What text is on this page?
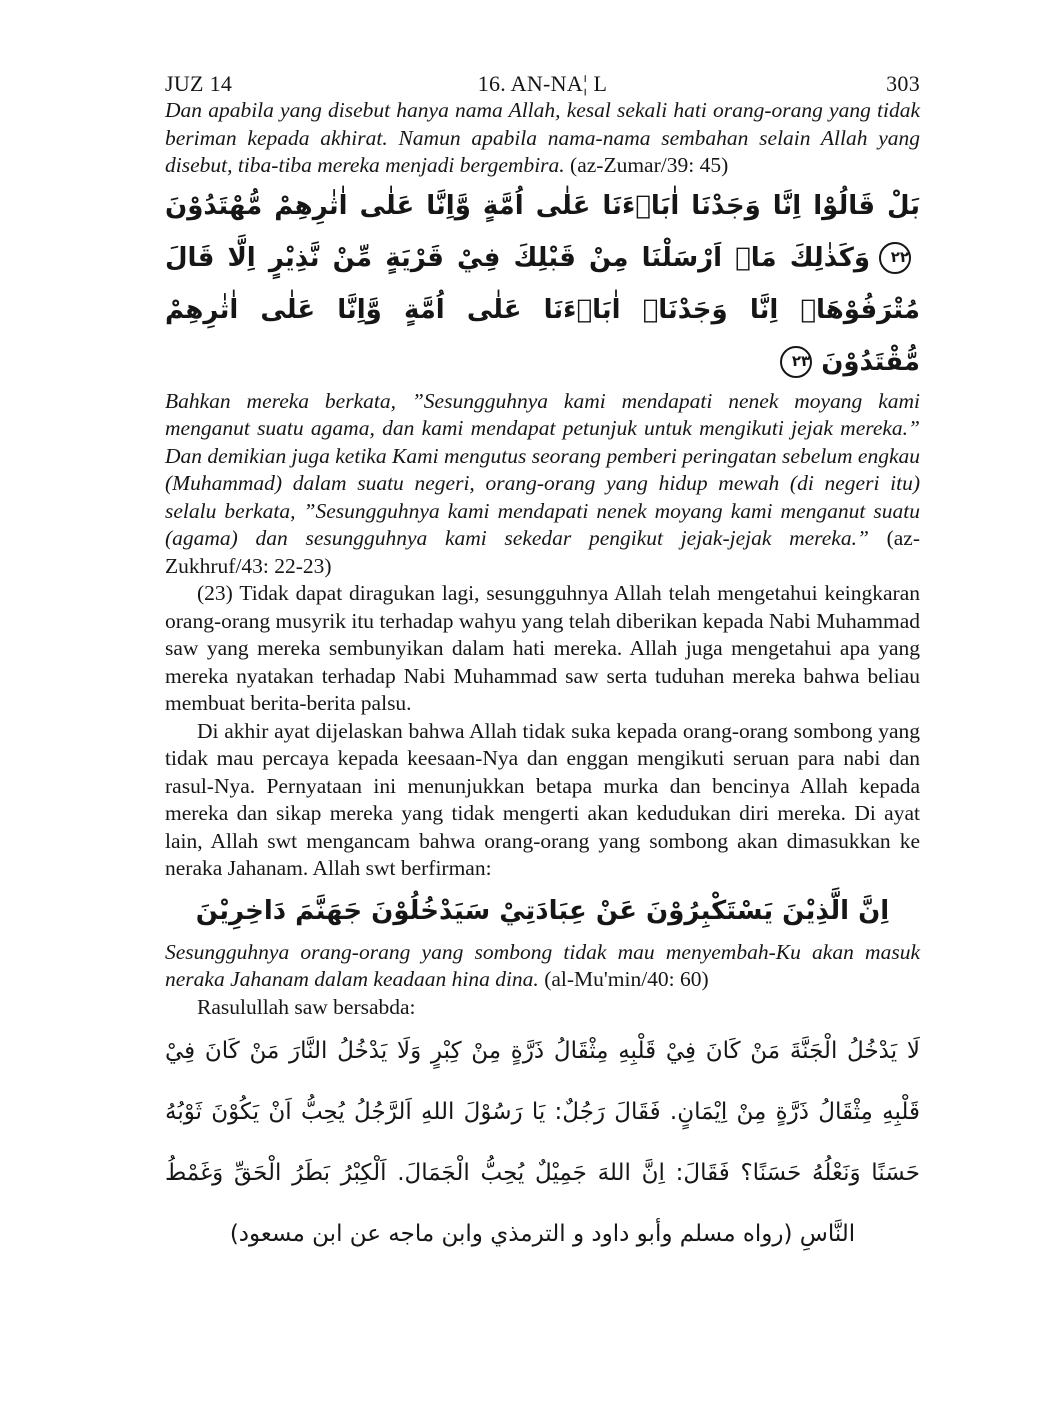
JUZ 14	16. AN-NA¦ L	303

Dan apabila yang disebut hanya nama Allah, kesal sekali hati orang-orang yang tidak beriman kepada akhirat. Namun apabila nama-nama sembahan selain Allah yang disebut, tiba-tiba mereka menjadi bergembira. (az-Zumar/39: 45)

بَلْ قَالُوْا اِنَّا وَجَدْنَا اٰبَاۤءَنَا عَلٰى اُمَّةٍ وَّاِنَّا عَلٰى اٰثٰرِهِمْ مُّهْتَدُوْنَ٢٢وَكَذٰلِكَ مَاۤ اَرْسَلْنَا مِنْ قَبْلِكَ فِيْ قَرْيَةٍ مِّنْ نَّذِيْرٍ اِلَّا قَالَ مُتْرَفُوْهَاۤ اِنَّا وَجَدْنَاۤ اٰبَاۤءَنَا عَلٰى اُمَّةٍ وَّاِنَّا عَلٰى اٰثٰرِهِمْ مُّقْتَدُوْنَ٢٣

Bahkan mereka berkata, ”Sesungguhnya kami mendapati nenek moyang kami menganut suatu agama, dan kami mendapat petunjuk untuk mengikuti jejak mereka.” Dan demikian juga ketika Kami mengutus seorang pemberi peringatan sebelum engkau (Muhammad) dalam suatu negeri, orang-orang yang hidup mewah (di negeri itu) selalu berkata, ”Sesungguhnya kami mendapati nenek moyang kami menganut suatu (agama) dan sesungguhnya kami sekedar pengikut jejak-jejak mereka.” (az-Zukhruf/43: 22-23)

(23) Tidak dapat diragukan lagi, sesungguhnya Allah telah mengetahui keingkaran orang-orang musyrik itu terhadap wahyu yang telah diberikan kepada Nabi Muhammad saw yang mereka sembunyikan dalam hati mereka. Allah juga mengetahui apa yang mereka nyatakan terhadap Nabi Muhammad saw serta tuduhan mereka bahwa beliau membuat berita-berita palsu.

Di akhir ayat dijelaskan bahwa Allah tidak suka kepada orang-orang sombong yang tidak mau percaya kepada keesaan-Nya dan enggan mengikuti seruan para nabi dan rasul-Nya. Pernyataan ini menunjukkan betapa murka dan bencinya Allah kepada mereka dan sikap mereka yang tidak mengerti akan kedudukan diri mereka. Di ayat lain, Allah swt mengancam bahwa orang-orang yang sombong akan dimasukkan ke neraka Jahanam. Allah swt berfirman:

اِنَّ الَّذِيْنَ يَسْتَكْبِرُوْنَ عَنْ عِبَادَتِيْ سَيَدْخُلُوْنَ جَهَنَّمَ دَاخِرِيْنَ

Sesungguhnya orang-orang yang sombong tidak mau menyembah-Ku akan masuk neraka Jahanam dalam keadaan hina dina. (al-Mu'min/40: 60)

Rasulullah saw bersabda:

لَا يَدْخُلُ الْجَنَّةَ مَنْ كَانَ فِيْ قَلْبِهِ مِثْقَالُ ذَرَّةٍ مِنْ كِبْرٍ وَلَا يَدْخُلُ النَّارَ مَنْ كَانَ فِيْ قَلْبِهِ مِثْقَالُ ذَرَّةٍ مِنْ اِيْمَانٍ. فَقَالَ رَجُلٌ: يَا رَسُوْلَ اللهِ اَلرَّجُلُ يُحِبُّ اَنْ يَكُوْنَ ثَوْبُهُ حَسَنًا وَنَعْلُهُ حَسَنًا؟ فَقَالَ: اِنَّ اللهَ جَمِيْلٌ يُحِبُّ الْجَمَالَ. اَلْكِبْرُ بَطَرُ الْحَقِّ وَغَمْطُ النَّاسِ (رواه مسلم وأبو داود و الترمذي وابن ماجه عن ابن مسعود)
